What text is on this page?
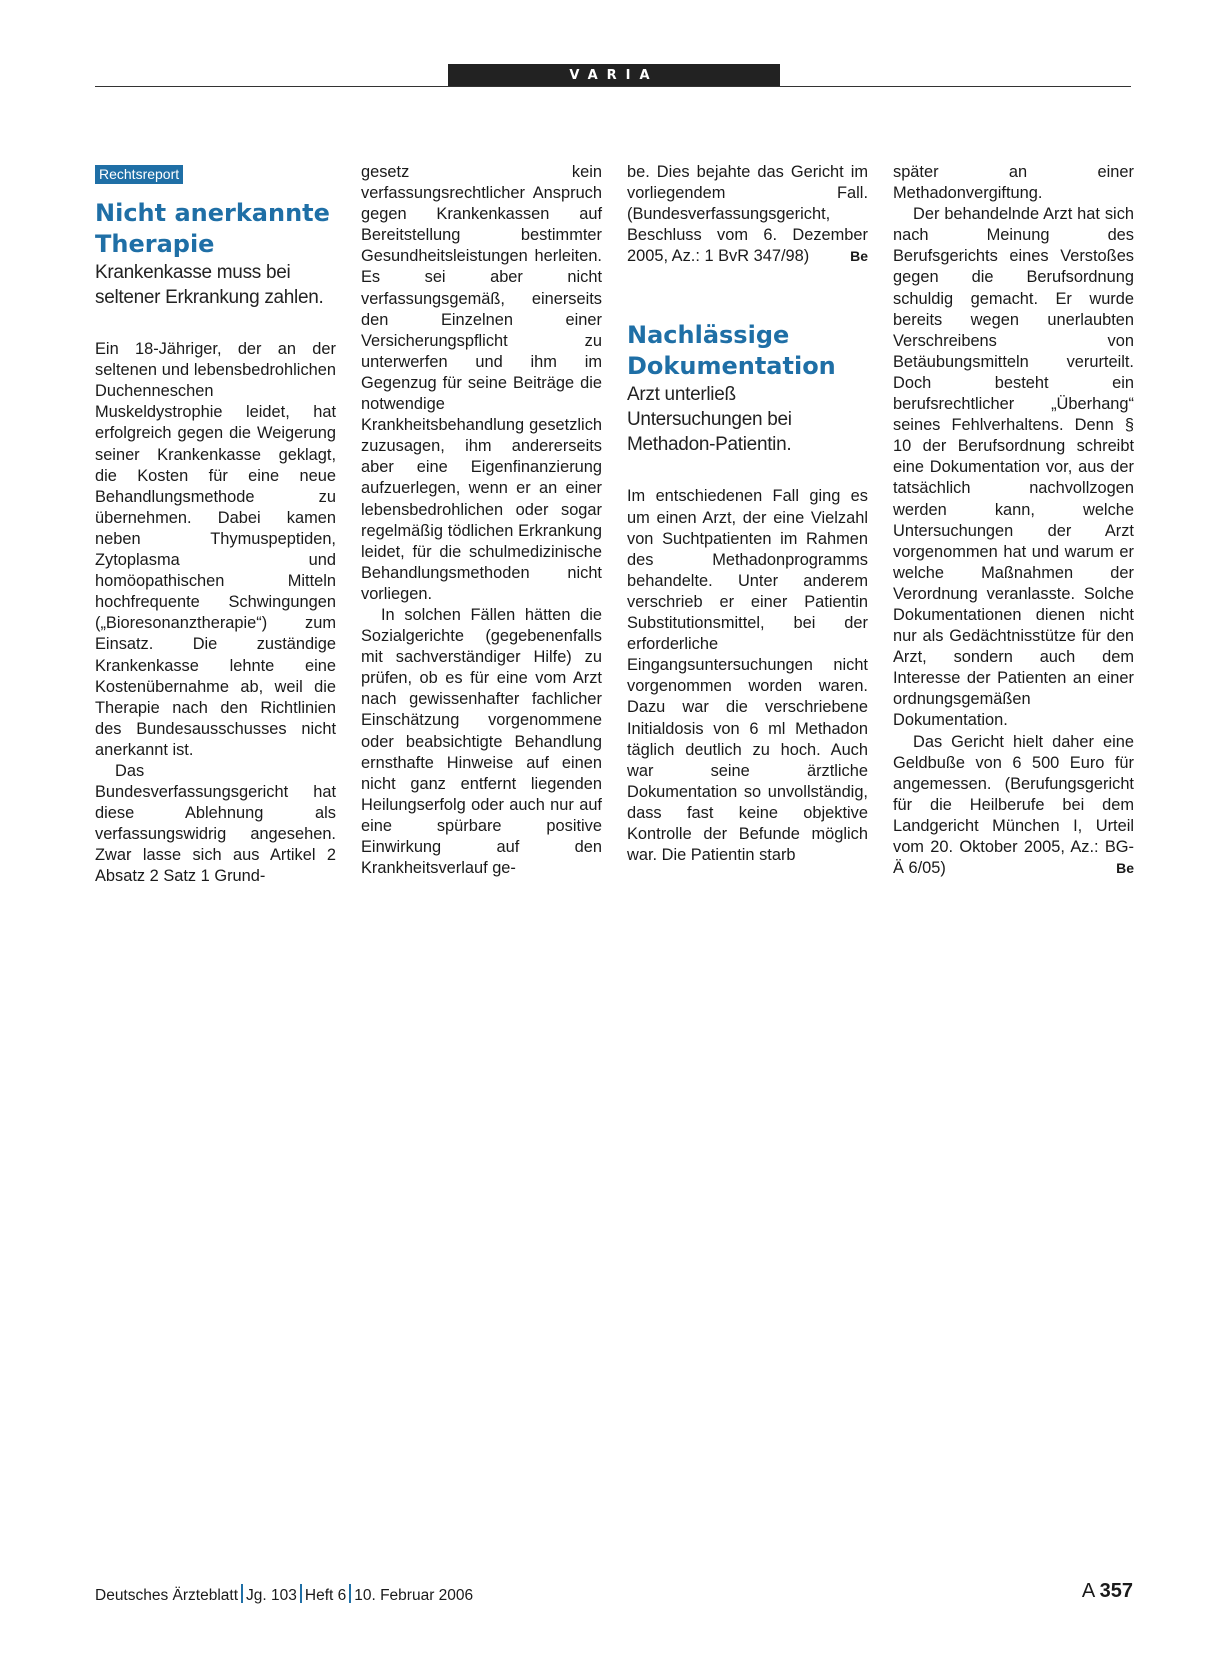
VARIA
Rechtsreport
Nicht anerkannte
Therapie

Krankenkasse muss bei seltener Erkrankung zahlen.

Ein 18-Jähriger, der an der seltenen und lebensbedrohlichen Duchenneschen Muskeldystrophie leidet, hat erfolgreich gegen die Weigerung seiner Krankenkasse geklagt, die Kosten für eine neue Behandlungsmethode zu übernehmen. Dabei kamen neben Thymuspeptiden, Zytoplasma und homöopathischen Mitteln hochfrequente Schwingungen („Bioresonanztherapie“) zum Einsatz. Die zuständige Krankenkasse lehnte eine Kostenübernahme ab, weil die Therapie nach den Richtlinien des Bundesausschusses nicht anerkannt ist.

Das Bundesverfassungsgericht hat diese Ablehnung als verfassungswidrig angesehen. Zwar lasse sich aus Artikel 2 Absatz 2 Satz 1 Grund-

gesetz kein verfassungsrechtlicher Anspruch gegen Krankenkassen auf Bereitstellung bestimmter Gesundheitsleistungen herleiten. Es sei aber nicht verfassungsgemäß, einerseits den Einzelnen einer Versicherungspflicht zu unterwerfen und ihm im Gegenzug für seine Beiträge die notwendige Krankheitsbehandlung gesetzlich zuzusagen, ihm andererseits aber eine Eigenfinanzierung aufzuerlegen, wenn er an einer lebensbedrohlichen oder sogar regelmäßig tödlichen Erkrankung leidet, für die schulmedizinische Behandlungsmethoden nicht vorliegen.

In solchen Fällen hätten die Sozialgerichte (gegebenenfalls mit sachverständiger Hilfe) zu prüfen, ob es für eine vom Arzt nach gewissenhafter fachlicher Einschätzung vorgenommene oder beabsichtigte Behandlung ernsthafte Hinweise auf einen nicht ganz entfernt liegenden Heilungserfolg oder auch nur auf eine spürbare positive Einwirkung auf den Krankheitsverlauf ge-

be. Dies bejahte das Gericht im vorliegendem Fall. (Bundesverfassungsgericht, Beschluss vom 6. Dezember 2005, Az.: 1 BvR 347/98)	Be

Nachlässige
Dokumentation

Arzt unterließ Untersuchungen bei Methadon-Patientin.

Im entschiedenen Fall ging es um einen Arzt, der eine Vielzahl von Suchtpatienten im Rahmen des Methadonprogramms behandelte. Unter anderem verschrieb er einer Patientin Substitutionsmittel, bei der erforderliche Eingangsuntersuchungen nicht vorgenommen worden waren. Dazu war die verschriebene Initialdosis von 6 ml Methadon täglich deutlich zu hoch. Auch war seine ärztliche Dokumentation so unvollständig, dass fast keine objektive Kontrolle der Befunde möglich war. Die Patientin starb

später an einer Methadonvergiftung.

Der behandelnde Arzt hat sich nach Meinung des Berufsgerichts eines Verstoßes gegen die Berufsordnung schuldig gemacht. Er wurde bereits wegen unerlaubten Verschreibens von Betäubungsmitteln verurteilt. Doch besteht ein berufsrechtlicher „Überhang“ seines Fehlverhaltens. Denn § 10 der Berufsordnung schreibt eine Dokumentation vor, aus der tatsächlich nachvollzogen werden kann, welche Untersuchungen der Arzt vorgenommen hat und warum er welche Maßnahmen der Verordnung veranlasste. Solche Dokumentationen dienen nicht nur als Gedächtnisstütze für den Arzt, sondern auch dem Interesse der Patienten an einer ordnungsgemäßen Dokumentation.

Das Gericht hielt daher eine Geldbuße von 6 500 Euro für angemessen. (Berufungsgericht für die Heilberufe bei dem Landgericht München I, Urteil vom 20. Oktober 2005, Az.: BG-Ä 6/05)	Be

Deutsches Ärzteblatt Jg. 103 Heft 6 10. Februar 2006	A 357
